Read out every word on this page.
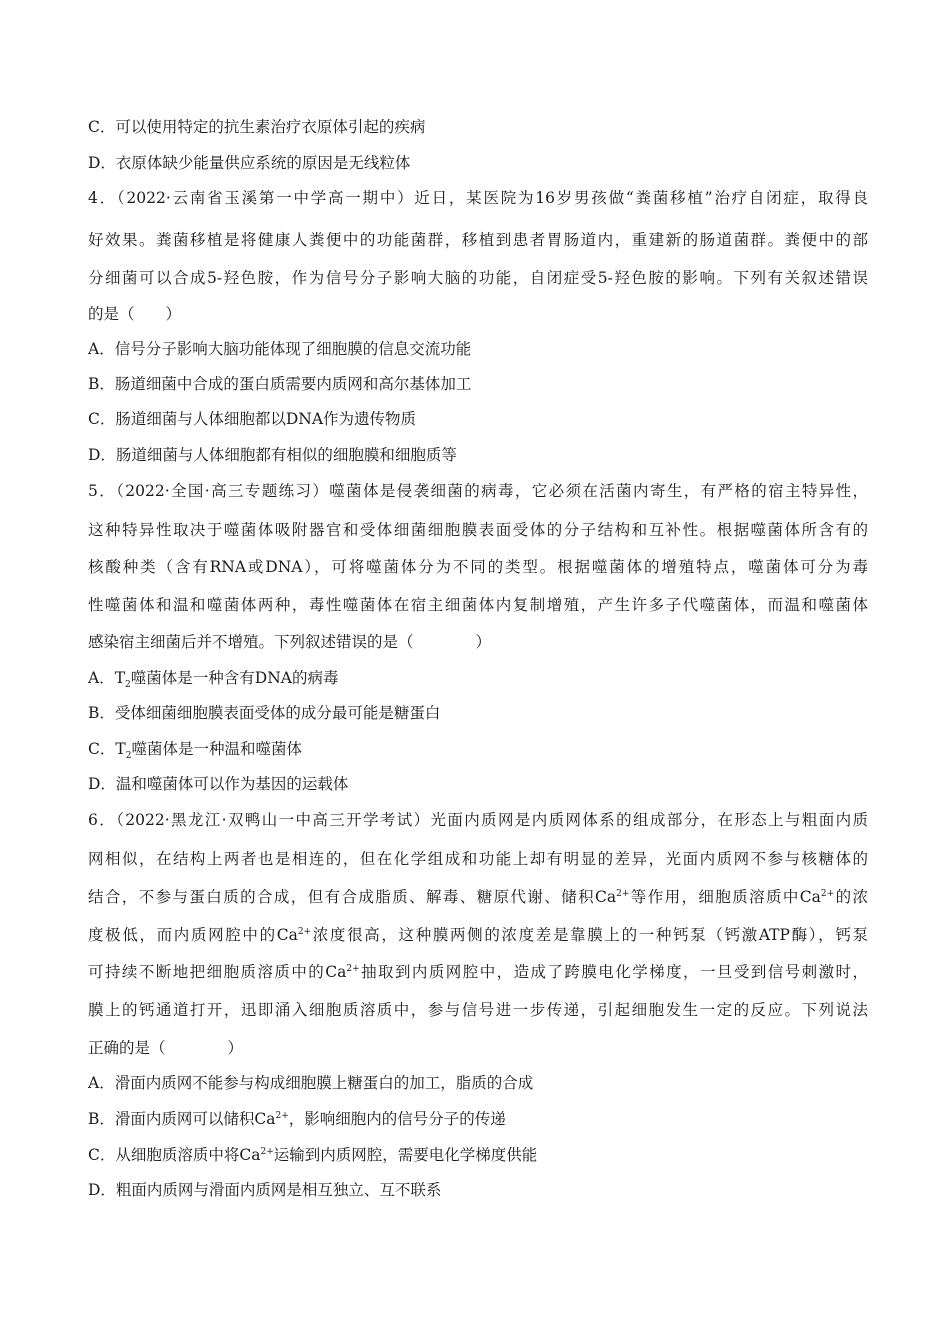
C．可以使用特定的抗生素治疗衣原体引起的疾病
D．衣原体缺少能量供应系统的原因是无线粒体
4．（2022·云南省玉溪第一中学高一期中）近日，某医院为16岁男孩做“粪菌移植”治疗自闭症，取得良
好效果。粪菌移植是将健康人粪便中的功能菌群，移植到患者胃肠道内，重建新的肠道菌群。粪便中的部
分细菌可以合成5-羟色胺，作为信号分子影响大脑的功能，自闭症受5-羟色胺的影响。下列有关叙述错误
的是（　　）
A．信号分子影响大脑功能体现了细胞膜的信息交流功能
B．肠道细菌中合成的蛋白质需要内质网和高尔基体加工
C．肠道细菌与人体细胞都以DNA作为遗传物质
D．肠道细菌与人体细胞都有相似的细胞膜和细胞质等
5．（2022·全国·高三专题练习）噬菌体是侵袭细菌的病毒，它必须在活菌内寄生，有严格的宿主特异性，
这种特异性取决于噬菌体吸附器官和受体细菌细胞膜表面受体的分子结构和互补性。根据噬菌体所含有的
核酸种类（含有RNA或DNA），可将噬菌体分为不同的类型。根据噬菌体的增殖特点，噬菌体可分为毒
性噬菌体和温和噬菌体两种，毒性噬菌体在宿主细菌体内复制增殖，产生许多子代噬菌体，而温和噬菌体
感染宿主细菌后并不增殖。下列叙述错误的是（　　　　）
A．$T_2$噬菌体是一种含有DNA的病毒
B．受体细菌细胞膜表面受体的成分最可能是糖蛋白
C．$T_2$噬菌体是一种温和噬菌体
D．温和噬菌体可以作为基因的运载体
6．（2022·黑龙江·双鸭山一中高三开学考试）光面内质网是内质网体系的组成部分，在形态上与粗面内质
网相似，在结构上两者也是相连的，但在化学组成和功能上却有明显的差异，光面内质网不参与核糖体的
结合，不参与蛋白质的合成，但有合成脂质、解毒、糖原代谢、储积$Ca^{2+}$等作用，细胞质溶质中$Ca^{2+}$的浓
度极低，而内质网腔中的$Ca^{2+}$浓度很高，这种膜两侧的浓度差是靠膜上的一种钙泵（钙激ATP酶），钙泵
可持续不断地把细胞质溶质中的$Ca^{2+}$抽取到内质网腔中，造成了跨膜电化学梯度，一旦受到信号刺激时，
膜上的钙通道打开，迅即涌入细胞质溶质中，参与信号进一步传递，引起细胞发生一定的反应。下列说法
正确的是（　　　　）
A．滑面内质网不能参与构成细胞膜上糖蛋白的加工，脂质的合成
B．滑面内质网可以储积$Ca^{2+}$，影响细胞内的信号分子的传递
C．从细胞质溶质中将$Ca^{2+}$运输到内质网腔，需要电化学梯度供能
D．粗面内质网与滑面内质网是相互独立、互不联系
